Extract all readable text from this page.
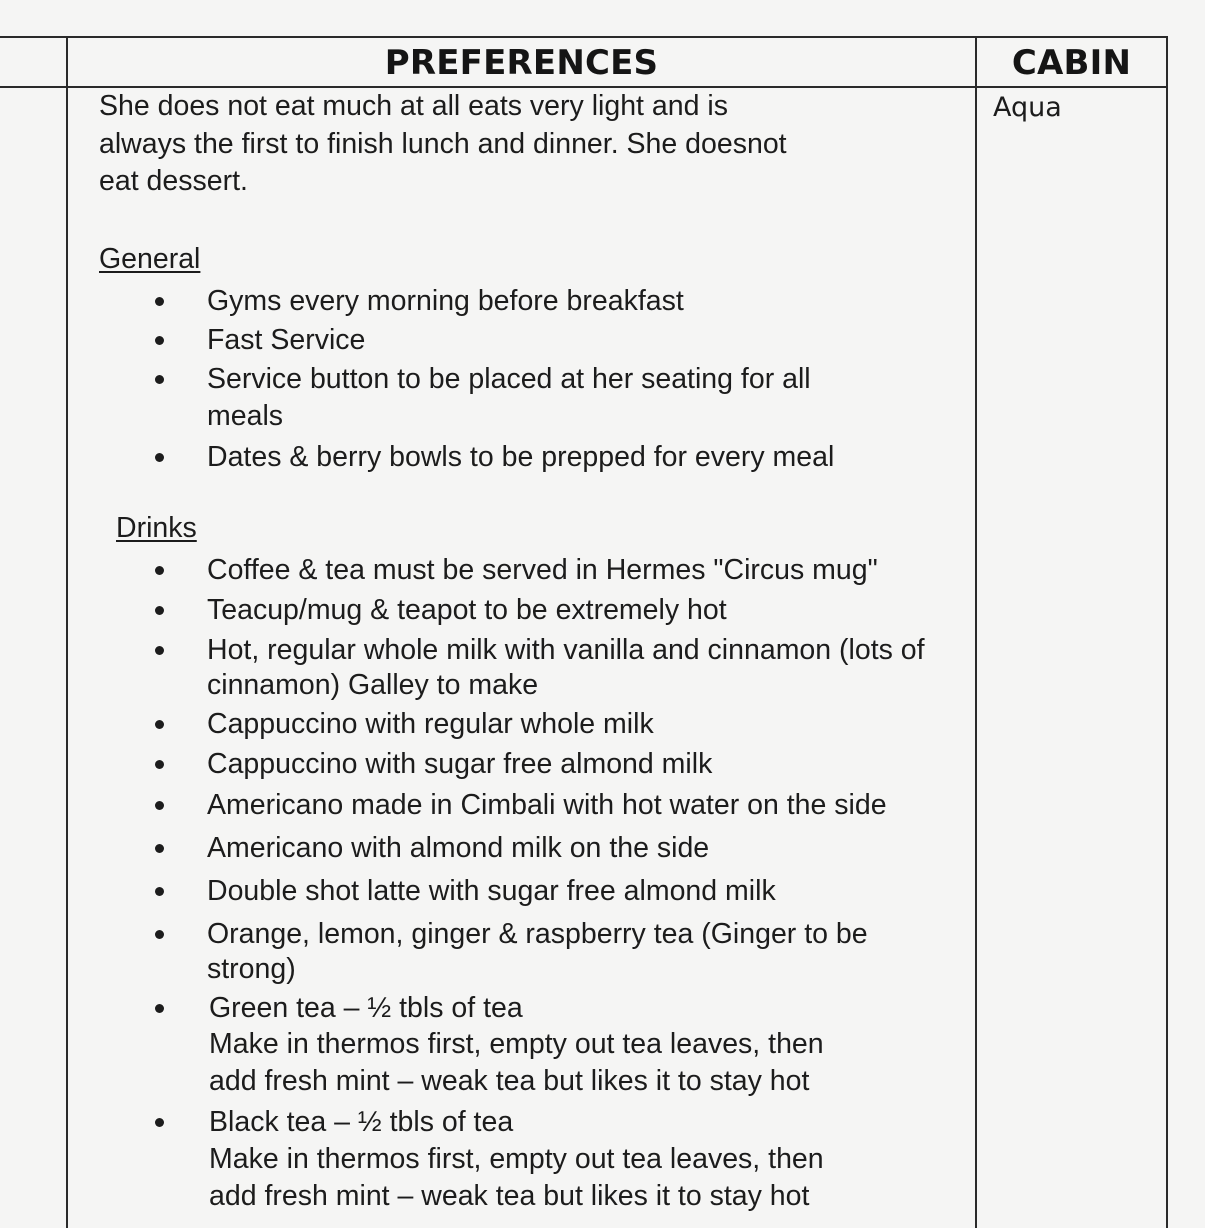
PREFERENCES	CABIN
Aqua
She does not eat much at all eats very light and is
always the first to finish lunch and dinner. She doesnot
eat dessert.
General
Gyms every morning before breakfast
Fast Service
Service button to be placed at her seating for all
meals
Dates & berry bowls to be prepped for every meal
Drinks
Coffee & tea must be served in Hermes "Circus mug"
Teacup/mug & teapot to be extremely hot
Hot, regular whole milk with vanilla and cinnamon (lots of
cinnamon) Galley to make
Cappuccino with regular whole milk
Cappuccino with sugar free almond milk
Americano made in Cimbali with hot water on the side
Americano with almond milk on the side
Double shot latte with sugar free almond milk
Orange, lemon, ginger & raspberry tea (Ginger to be
strong)
Green tea – ½ tbls of tea
Make in thermos first, empty out tea leaves, then
add fresh mint – weak tea but likes it to stay hot
Black tea – ½ tbls of tea
Make in thermos first, empty out tea leaves, then
add fresh mint – weak tea but likes it to stay hot
